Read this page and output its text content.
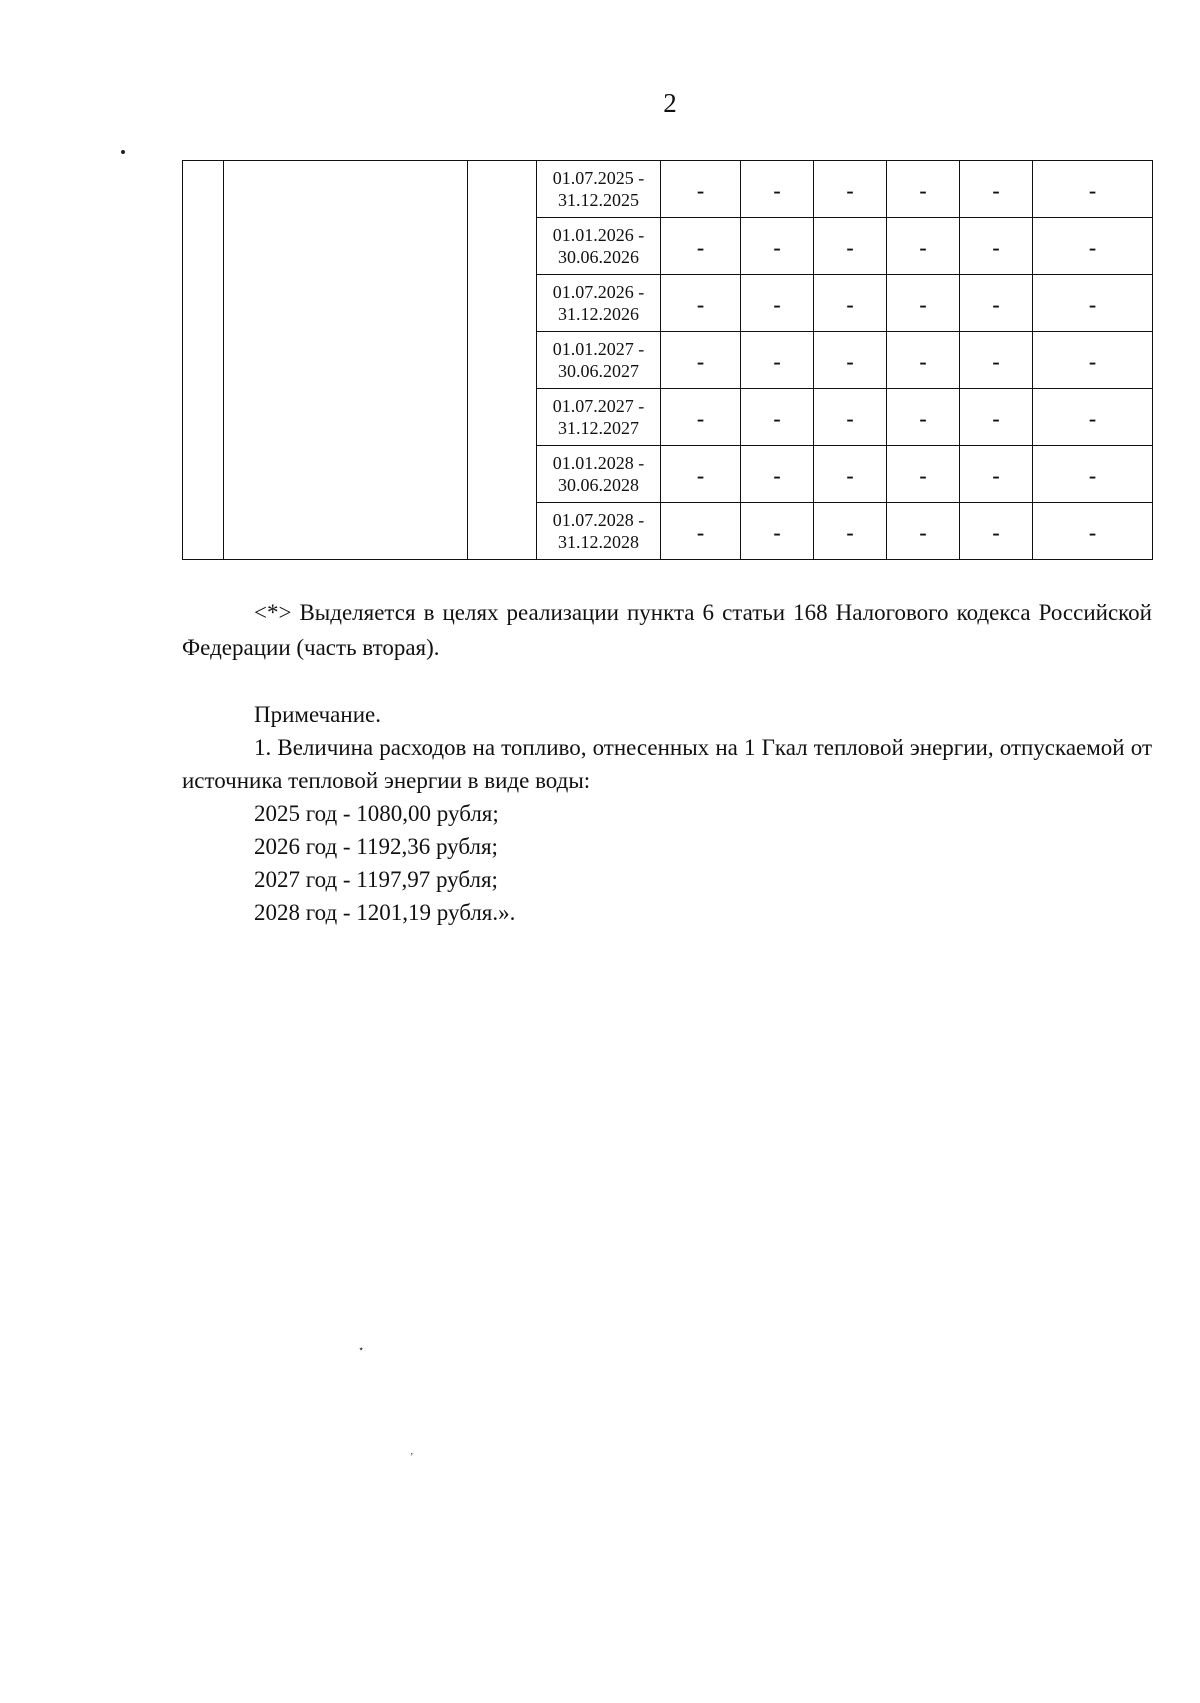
2

			01.07.2025 -
31.12.2025	-	-	-	-	-	-

			01.01.2026 -
30.06.2026	-	-	-	-	-	-

			01.07.2026 -
31.12.2026	-	-	-	-	-	-

			01.01.2027 -
30.06.2027	-	-	-	-	-	-

			01.07.2027 -
31.12.2027	-	-	-	-	-	-

			01.01.2028 -
30.06.2028	-	-	-	-	-	-

			01.07.2028 -
31.12.2028	-	-	-	-	-	-
<*> Выделяется в целях реализации пункта 6 статьи 168 Налогового кодекса Российской Федерации (часть вторая).
Примечание.
1. Величина расходов на топливо, отнесенных на 1 Гкал тепловой энергии, отпускаемой от источника тепловой энергии в виде воды:
2025 год - 1080,00 рубля;
2026 год - 1192,36 рубля;
2027 год - 1197,97 рубля;
2028 год - 1201,19 рубля.».
⋆
’
